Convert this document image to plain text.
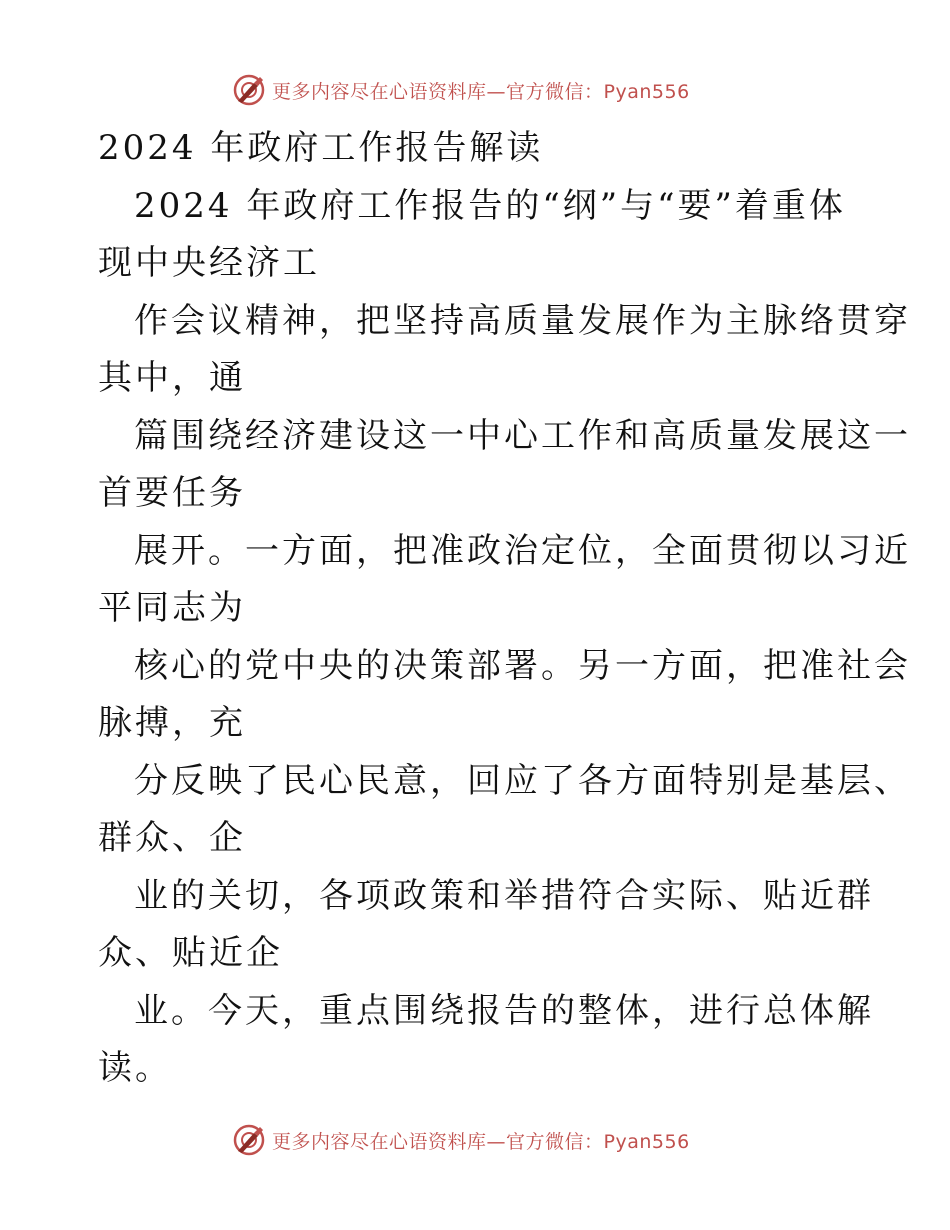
更多内容尽在心语资料库—官方微信：Pyan556
2024 年政府工作报告解读
2024 年政府工作报告的“纲”与“要”着重体
现中央经济工
作会议精神，把坚持高质量发展作为主脉络贯穿
其中，通
篇围绕经济建设这一中心工作和高质量发展这一
首要任务
展开。一方面，把准政治定位，全面贯彻以习近
平同志为
核心的党中央的决策部署。另一方面，把准社会
脉搏，充
分反映了民心民意，回应了各方面特别是基层、
群众、企
业的关切，各项政策和举措符合实际、贴近群
众、贴近企
业。今天，重点围绕报告的整体，进行总体解
读。
更多内容尽在心语资料库—官方微信：Pyan556
